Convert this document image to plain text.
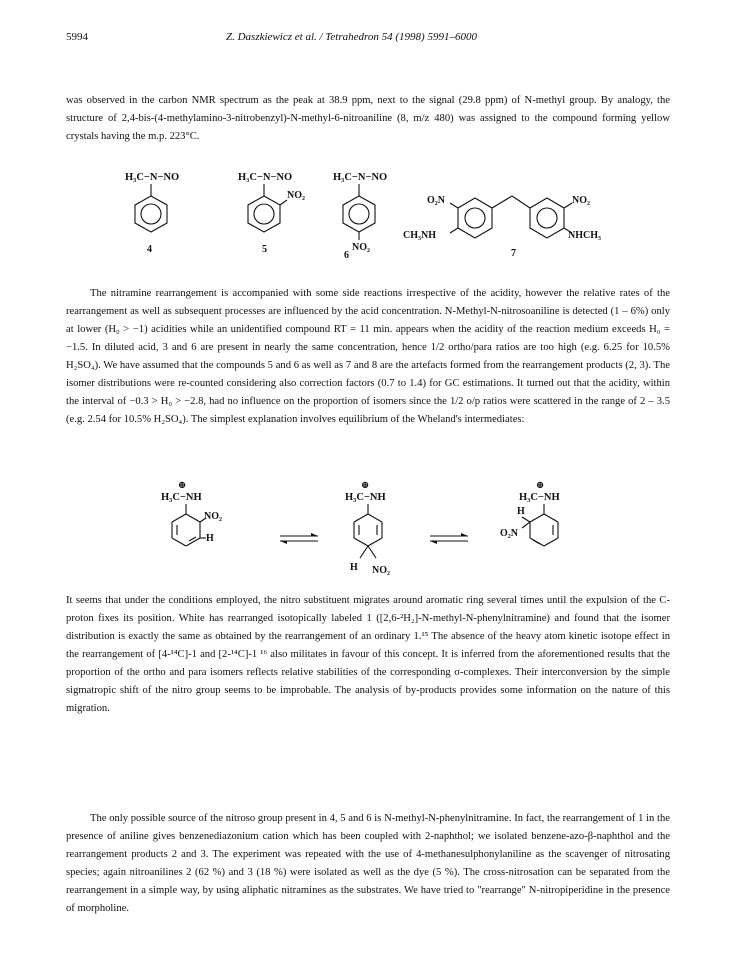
5994	Z. Daszkiewicz et al. / Tetrahedron 54 (1998) 5991–6000

was observed in the carbon NMR spectrum as the peak at 38.9 ppm, next to the signal (29.8 ppm) of N-methyl group. By analogy, the structure of 2,4-bis-(4-methylamino-3-nitrobenzyl)-N-methyl-6-nitroaniline (8, m/z 480) was assigned to the compound forming yellow crystals having the m.p. 223°C.

H₃C−N−NO
4
H₃C−N−NO
NO₂
5
H₃C−N−NO
NO₂
6
O₂N	NO₂
CH₃NH	NHCH₃
7

The nitramine rearrangement is accompanied with some side reactions irrespective of the acidity, however the relative rates of the rearrangement as well as subsequent processes are influenced by the acid concentration. N-Methyl-N-nitrosoaniline is detected (1 – 6%) only at lower (H₀ > −1) acidities while an unidentified compound RT = 11 min. appears when the acidity of the reaction medium exceeds H₀ = −1.5. In diluted acid, 3 and 6 are present in nearly the same concentration, hence 1/2 ortho/para ratios are too high (e.g. 6.25 for 10.5% H₂SO₄). We have assumed that the compounds 5 and 6 as well as 7 and 8 are the artefacts formed from the rearrangement products (2, 3). The isomer distributions were re-counted considering also correction factors (0.7 to 1.4) for GC estimations. It turned out that the acidity, within the interval of −0.3 > H₀ > −2.8, had no influence on the proportion of isomers since the 1/2 o/p ratios were scattered in the range of 2 – 3.5 (e.g. 2.54 for 10.5% H₂SO₄). The simplest explanation involves equilibrium of the Wheland's intermediates:

⊕
H₃C−NH
NO₂
H
⊕
H₃C−NH
H NO₂
⊕
H₃C−NH
H
O₂N

It seems that under the conditions employed, the nitro substituent migrates around aromatic ring several times until the expulsion of the C-proton fixes its position. White has rearranged isotopically labeled 1 ([2,6-²H₂]-N-methyl-N-phenylnitramine) and found that the isomer distribution is exactly the same as obtained by the rearrangement of an ordinary 1.¹⁵ The absence of the heavy atom kinetic isotope effect in the rearrangement of [4-¹⁴C]-1 and [2-¹⁴C]-1 ¹⁶ also militates in favour of this concept. It is inferred from the aforementioned results that the proportion of the ortho and para isomers reflects relative stabilities of the corresponding σ-complexes. Their interconversion by the simple sigmatropic shift of the nitro group seems to be improbable. The analysis of by-products provides some information on the nature of this migration.

The only possible source of the nitroso group present in 4, 5 and 6 is N-methyl-N-phenylnitramine. In fact, the rearrangement of 1 in the presence of aniline gives benzenediazonium cation which has been coupled with 2-naphthol; we isolated benzene-azo-β-naphthol and the rearrangement products 2 and 3. The experiment was repeated with the use of 4-methanesulphonylaniline as the scavenger of nitrosating species; again nitroanilines 2 (62 %) and 3 (18 %) were isolated as well as the dye (5 %). The cross-nitrosation can be separated from the rearrangement in a simple way, by using aliphatic nitramines as the substrates. We have tried to "rearrange" N-nitropiperidine in the presence of morpholine.
